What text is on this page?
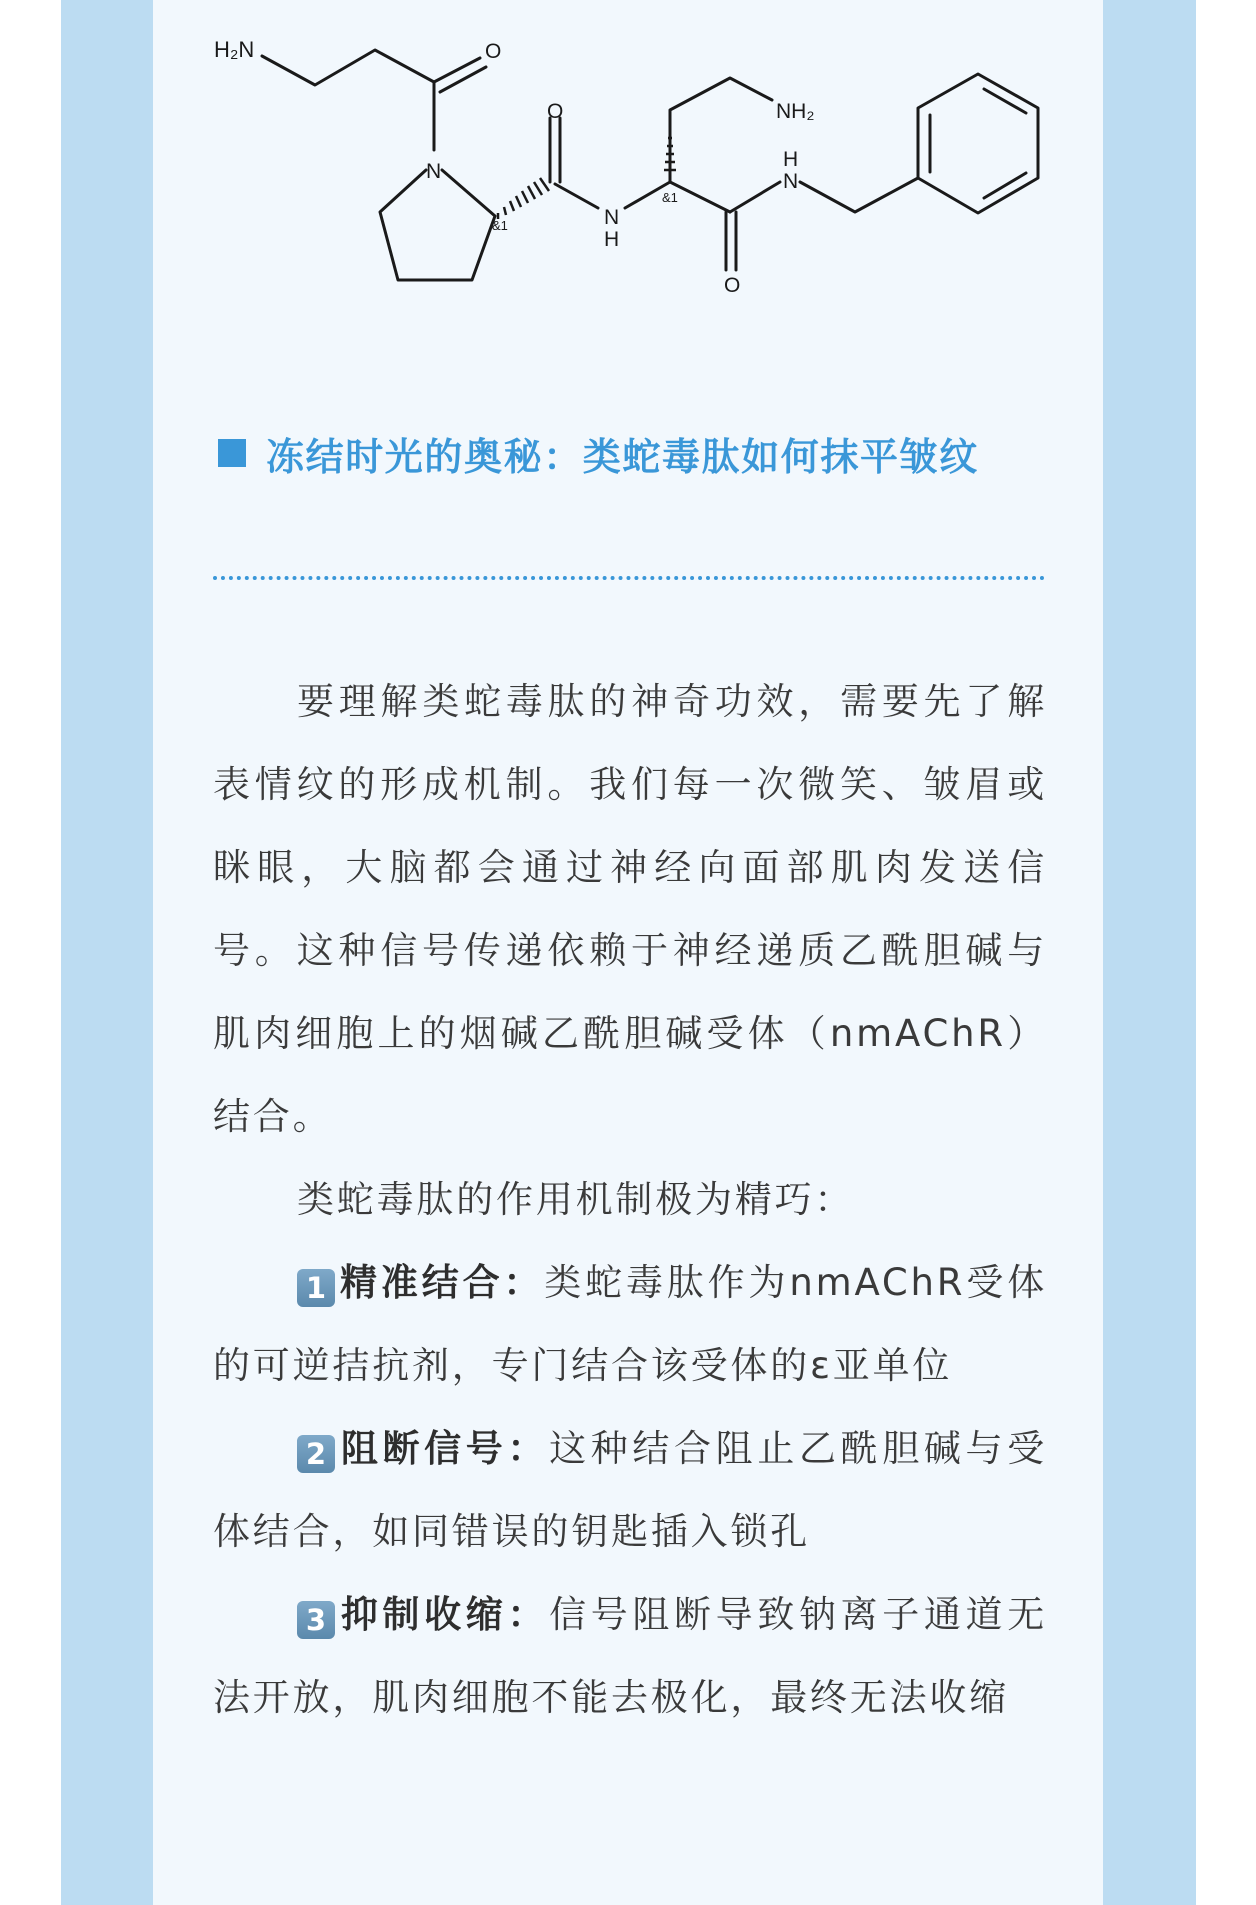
H₂N	O
O
N
&1	N
H
&1
NH₂
O
H
N
冻结时光的奥秘：类蛇毒肽如何抹平皱纹

要理解类蛇毒肽的神奇功效，需要先了解表情纹的形成机制。我们每一次微笑、皱眉或眯眼，大脑都会通过神经向面部肌肉发送信号。这种信号传递依赖于神经递质乙酰胆碱与肌肉细胞上的烟碱乙酰胆碱受体（nmAChR）结合。

类蛇毒肽的作用机制极为精巧：

1 精准结合：类蛇毒肽作为nmAChR受体的可逆拮抗剂，专门结合该受体的ε亚单位

2 阻断信号：这种结合阻止乙酰胆碱与受体结合，如同错误的钥匙插入锁孔

3 抑制收缩：信号阻断导致钠离子通道无法开放，肌肉细胞不能去极化，最终无法收缩
